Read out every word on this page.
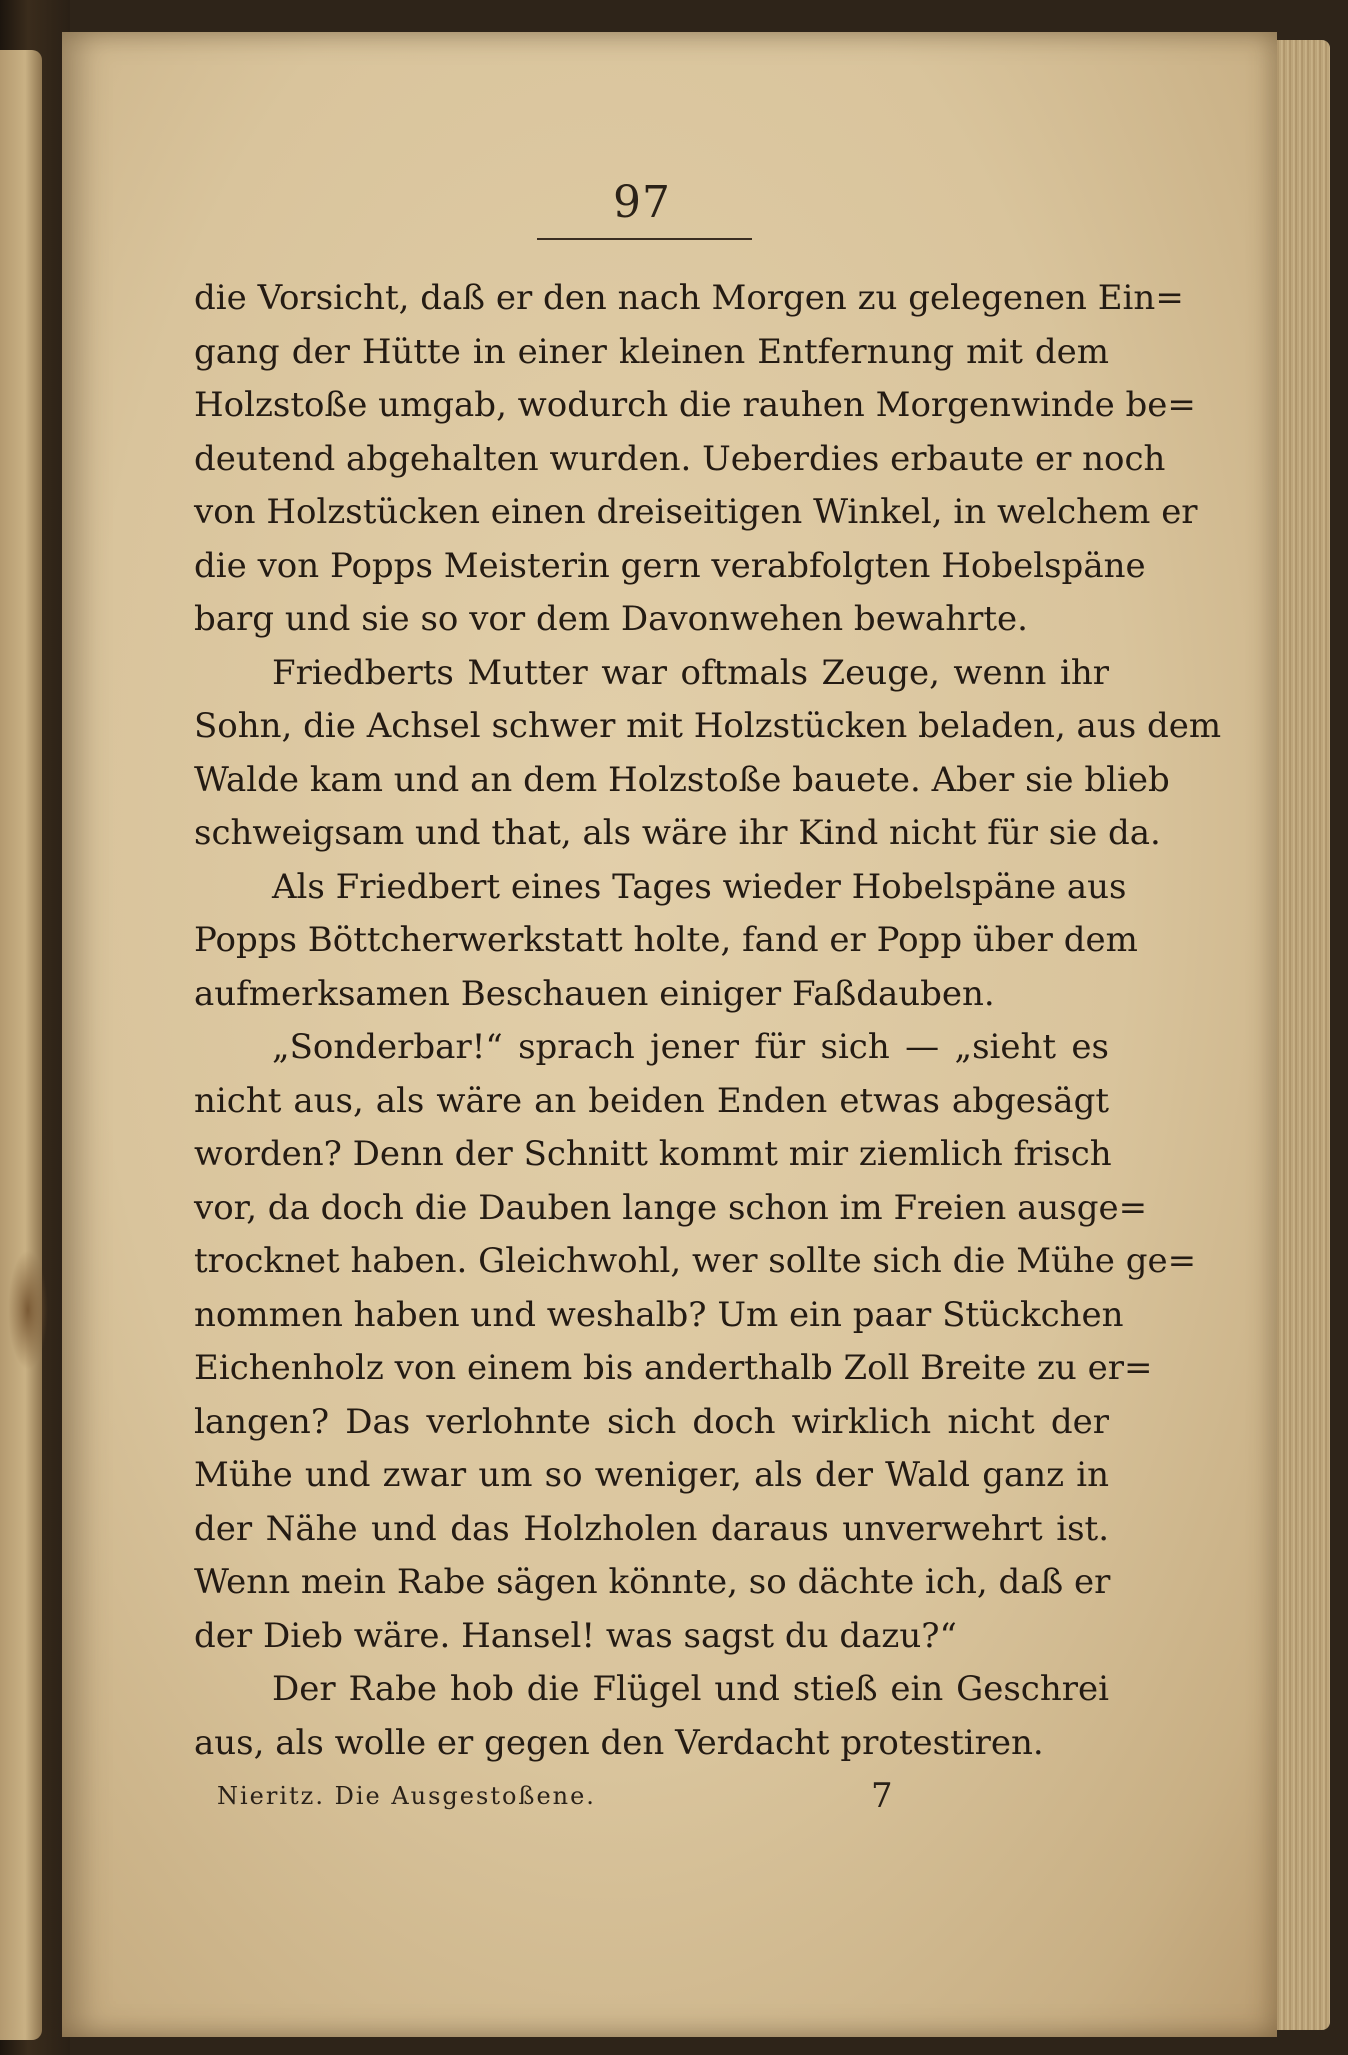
97
die Vorsicht, daß er den nach Morgen zu gelegenen Ein=
gang der Hütte in einer kleinen Entfernung mit dem
Holzstoße umgab, wodurch die rauhen Morgenwinde be=
deutend abgehalten wurden. Ueberdies erbaute er noch
von Holzstücken einen dreiseitigen Winkel, in welchem er
die von Popps Meisterin gern verabfolgten Hobelspäne
barg und sie so vor dem Davonwehen bewahrte.
Friedberts Mutter war oftmals Zeuge, wenn ihr
Sohn, die Achsel schwer mit Holzstücken beladen, aus dem
Walde kam und an dem Holzstoße bauete. Aber sie blieb
schweigsam und that, als wäre ihr Kind nicht für sie da.
Als Friedbert eines Tages wieder Hobelspäne aus
Popps Böttcherwerkstatt holte, fand er Popp über dem
aufmerksamen Beschauen einiger Faßdauben.
„Sonderbar!“ sprach jener für sich — „sieht es
nicht aus, als wäre an beiden Enden etwas abgesägt
worden? Denn der Schnitt kommt mir ziemlich frisch
vor, da doch die Dauben lange schon im Freien ausge=
trocknet haben. Gleichwohl, wer sollte sich die Mühe ge=
nommen haben und weshalb? Um ein paar Stückchen
Eichenholz von einem bis anderthalb Zoll Breite zu er=
langen? Das verlohnte sich doch wirklich nicht der
Mühe und zwar um so weniger, als der Wald ganz in
der Nähe und das Holzholen daraus unverwehrt ist.
Wenn mein Rabe sägen könnte, so dächte ich, daß er
der Dieb wäre. Hansel! was sagst du dazu?“
Der Rabe hob die Flügel und stieß ein Geschrei
aus, als wolle er gegen den Verdacht protestiren.
Nieritz. Die Ausgestoßene.	7
